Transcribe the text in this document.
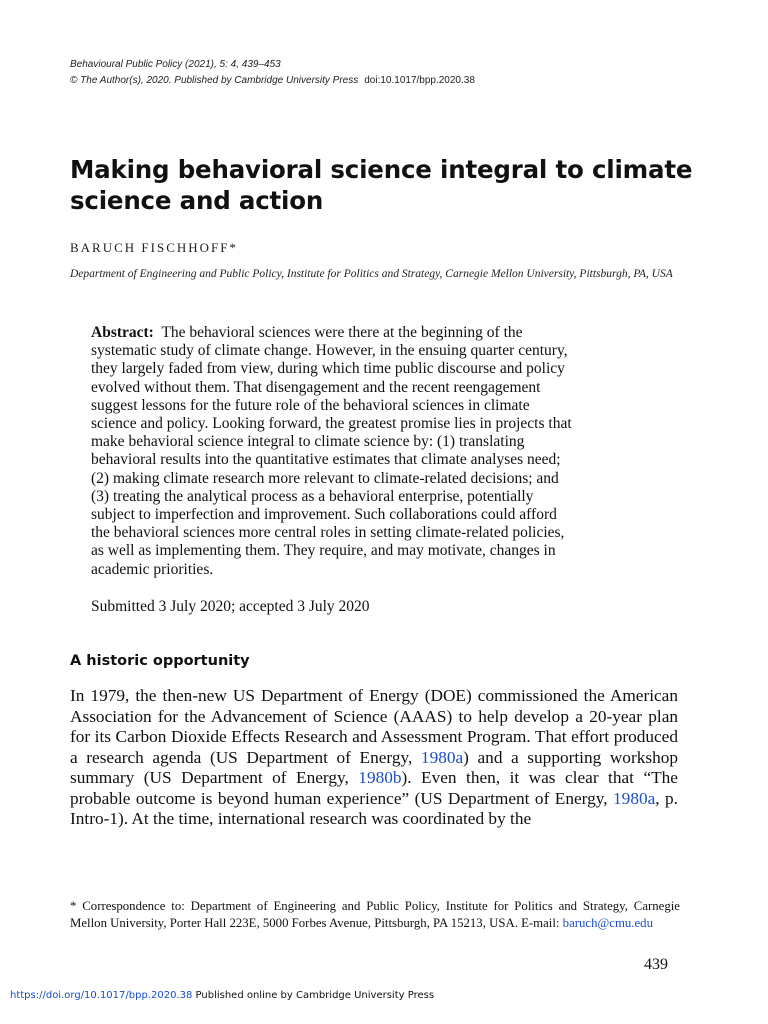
Behavioural Public Policy (2021), 5: 4, 439–453
© The Author(s), 2020. Published by Cambridge University Press doi:10.1017/bpp.2020.38
Making behavioral science integral to climate science and action
BARUCH FISCHHOFF*
Department of Engineering and Public Policy, Institute for Politics and Strategy, Carnegie Mellon University, Pittsburgh, PA, USA
Abstract: The behavioral sciences were there at the beginning of the
systematic study of climate change. However, in the ensuing quarter century,
they largely faded from view, during which time public discourse and policy
evolved without them. That disengagement and the recent reengagement
suggest lessons for the future role of the behavioral sciences in climate
science and policy. Looking forward, the greatest promise lies in projects that
make behavioral science integral to climate science by: (1) translating
behavioral results into the quantitative estimates that climate analyses need;
(2) making climate research more relevant to climate-related decisions; and
(3) treating the analytical process as a behavioral enterprise, potentially
subject to imperfection and improvement. Such collaborations could afford
the behavioral sciences more central roles in setting climate-related policies,
as well as implementing them. They require, and may motivate, changes in
academic priorities.
Submitted 3 July 2020; accepted 3 July 2020
A historic opportunity

In 1979, the then-new US Department of Energy (DOE) commissioned the American Association for the Advancement of Science (AAAS) to help develop a 20-year plan for its Carbon Dioxide Effects Research and Assessment Program. That effort produced a research agenda (US Department of Energy, 1980a) and a supporting workshop summary (US Department of Energy, 1980b). Even then, it was clear that “The probable outcome is beyond human experience” (US Department of Energy, 1980a, p. Intro-1). At the time, international research was coordinated by the

* Correspondence to: Department of Engineering and Public Policy, Institute for Politics and Strategy, Carnegie Mellon University, Porter Hall 223E, 5000 Forbes Avenue, Pittsburgh, PA 15213, USA. E-mail: baruch@cmu.edu
439
https://doi.org/10.1017/bpp.2020.38 Published online by Cambridge University Press
